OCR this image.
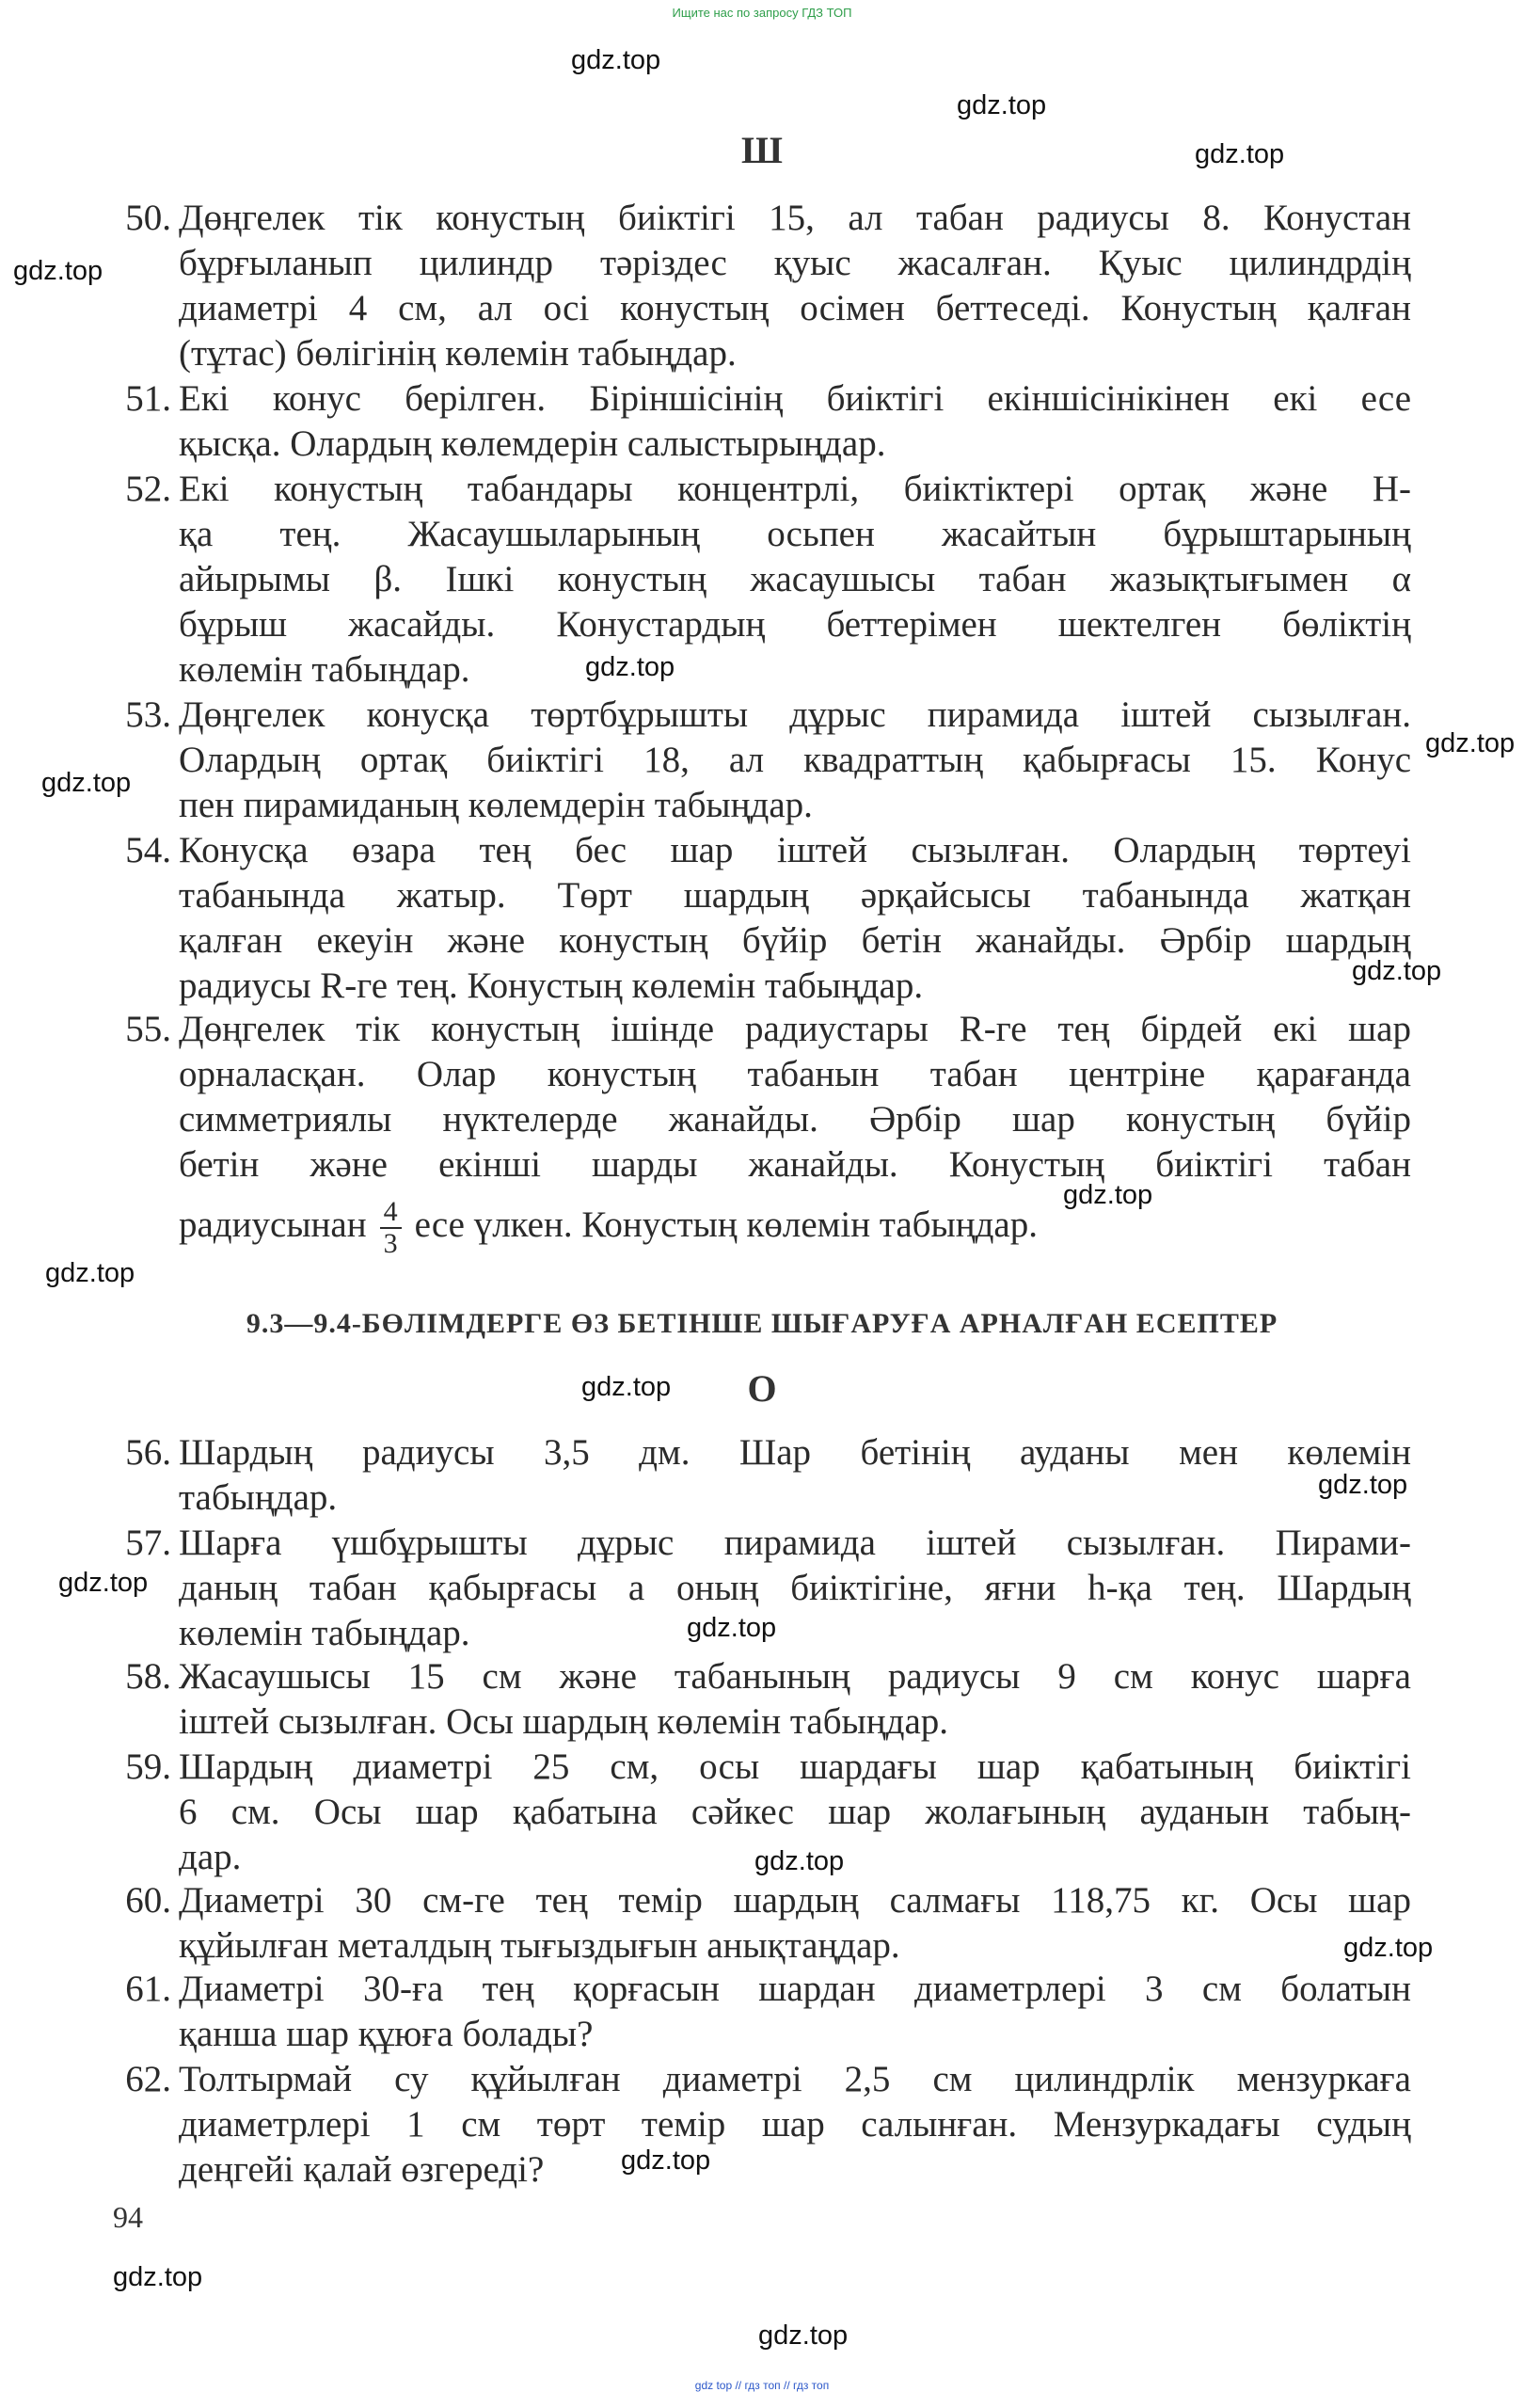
Ищите нас по запросу ГДЗ ТОП
gdz.top
gdz.top
gdz.top
gdz.top
gdz.top
gdz.top
gdz.top
gdz.top
gdz.top
gdz.top
gdz.top
gdz.top
gdz.top
gdz.top
gdz.top
gdz.top
gdz.top
gdz.top
gdz.top
Ш
50. Дөңгелек тік конустың биіктігі 15, ал табан радиусы 8. Конустан
бұрғыланып цилиндр тәріздес қуыс жасалған. Қуыс цилиндрдің
диаметрі 4 см, ал осі конустың осімен беттеседі. Конустың қалған
(тұтас) бөлігінің көлемін табыңдар.
51. Екі конус берілген. Біріншісінің биіктігі екіншісінікінен екі есе
қысқа. Олардың көлемдерін салыстырыңдар.
52. Екі конустың табандары концентрлі, биіктіктері ортақ және H-
қа тең. Жасаушыларының осьпен жасайтын бұрыштарының
айырымы β. Ішкі конустың жасаушысы табан жазықтығымен α
бұрыш жасайды. Конустардың беттерімен шектелген бөліктің
көлемін табыңдар.
53. Дөңгелек конусқа төртбұрышты дұрыс пирамида іштей сызылған.
Олардың ортақ биіктігі 18, ал квадраттың қабырғасы 15. Конус
пен пирамиданың көлемдерін табыңдар.
54. Конусқа өзара тең бес шар іштей сызылған. Олардың төртеуі
табанында жатыр. Төрт шардың әрқайсысы табанында жатқан
қалған екеуін және конустың бүйір бетін жанайды. Әрбір шардың
радиусы R-ге тең. Конустың көлемін табыңдар.
55. Дөңгелек тік конустың ішінде радиустары R-ге тең бірдей екі шар
орналасқан. Олар конустың табанын табан центріне қарағанда
симметриялы нүктелерде жанайды. Әрбір шар конустың бүйір
бетін және екінші шарды жанайды. Конустың биіктігі табан
радиусынан $\frac{4}{3}$ есе үлкен. Конустың көлемін табыңдар.
9.3—9.4-БӨЛІМДЕРГЕ ӨЗ БЕТІНШЕ ШЫҒАРУҒА АРНАЛҒАН ЕСЕПТЕР
О
56. Шардың радиусы 3,5 дм. Шар бетінің ауданы мен көлемін
табыңдар.
57. Шарға үшбұрышты дұрыс пирамида іштей сызылған. Пирами-
даның табан қабырғасы a оның биіктігіне, яғни h-қа тең. Шардың
көлемін табыңдар.
58. Жасаушысы 15 см және табанының радиусы 9 см конус шарға
іштей сызылған. Осы шардың көлемін табыңдар.
59. Шардың диаметрі 25 см, осы шардағы шар қабатының биіктігі
6 см. Осы шар қабатына сәйкес шар жолағының ауданын табың-
дар.
60. Диаметрі 30 см-ге тең темір шардың салмағы 118,75 кг. Осы шар
құйылған металдың тығыздығын анықтаңдар.
61. Диаметрі 30-ға тең қорғасын шардан диаметрлері 3 см болатын
қанша шар құюға болады?
62. Толтырмай су құйылған диаметрі 2,5 см цилиндрлік мензуркаға
диаметрлері 1 см төрт темір шар салынған. Мензуркадағы судың
деңгейі қалай өзгереді?
94
gdz top // гдз топ // гдз топ
